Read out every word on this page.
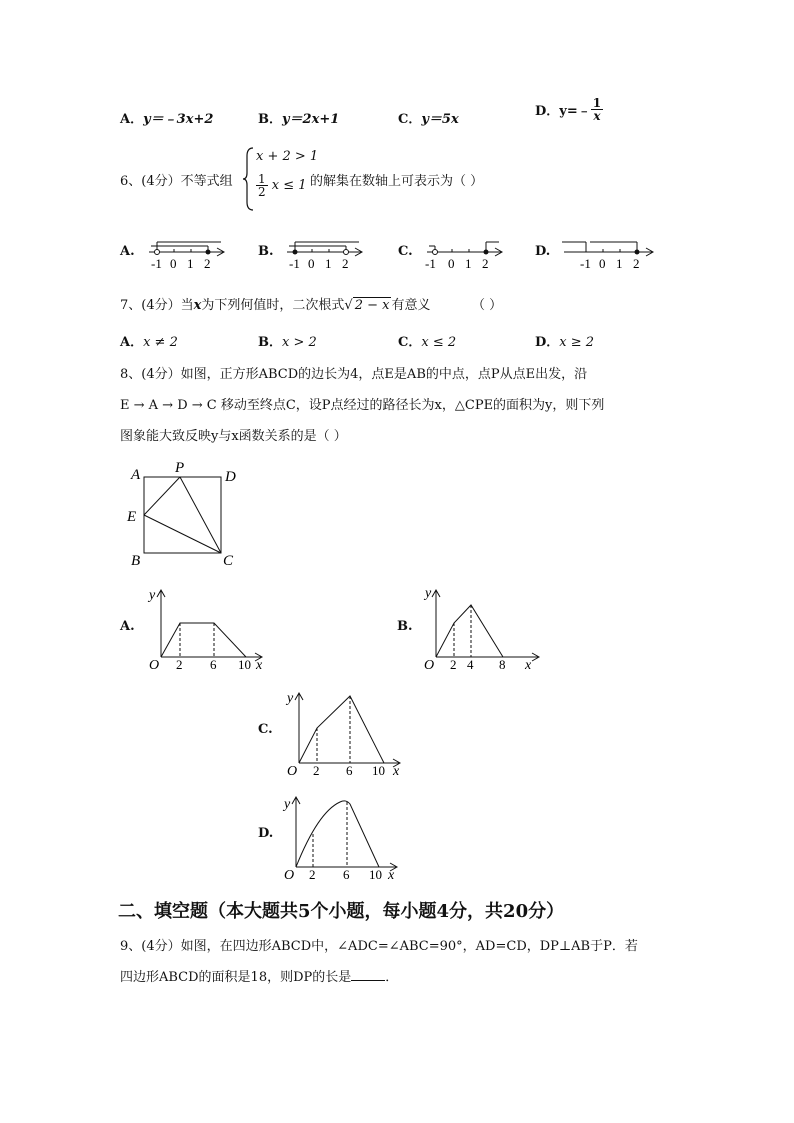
A．y＝﹣3x+2	B．y＝2x+1	C．y＝5x
D．y=﹣ $\frac{1}{x}$
6、(4分）不等式组
x + 2 > 1
$\frac{1}{2}$ x ≤ 1 的解集在数轴上可表示为（ ）
A.	B.	C.	D.
-1 0 1 2	-1 0 1 2	-1 0 1 2	-1 0 1 2
7、(4分）当x为下列何值时，二次根式√ 2 − x 有意义	（ ）
A．x ≠ 2	B．x > 2	C．x ≤ 2	D．x ≥ 2
8、(4分）如图，正方形ABCD的边长为4，点E是AB的中点，点P从点E出发，沿
E → A → D → C 移动至终点C，设P点经过的路径长为x，△CPE的面积为y，则下列
图象能大致反映y与x函数关系的是（ ）
A P
D
E
B	C
A.	B.
C.
D.
y
O 2 6 10 x
y
O 2 4 8 x
y
O 2 6 10 x
y
O 2 6 10 x
二、填空题（本大题共5个小题，每小题4分，共20分）
9、(4分）如图，在四边形ABCD中，∠ADC=∠ABC=90°，AD=CD，DP⊥AB于P．若
四边形ABCD的面积是18，则DP的长是	．
